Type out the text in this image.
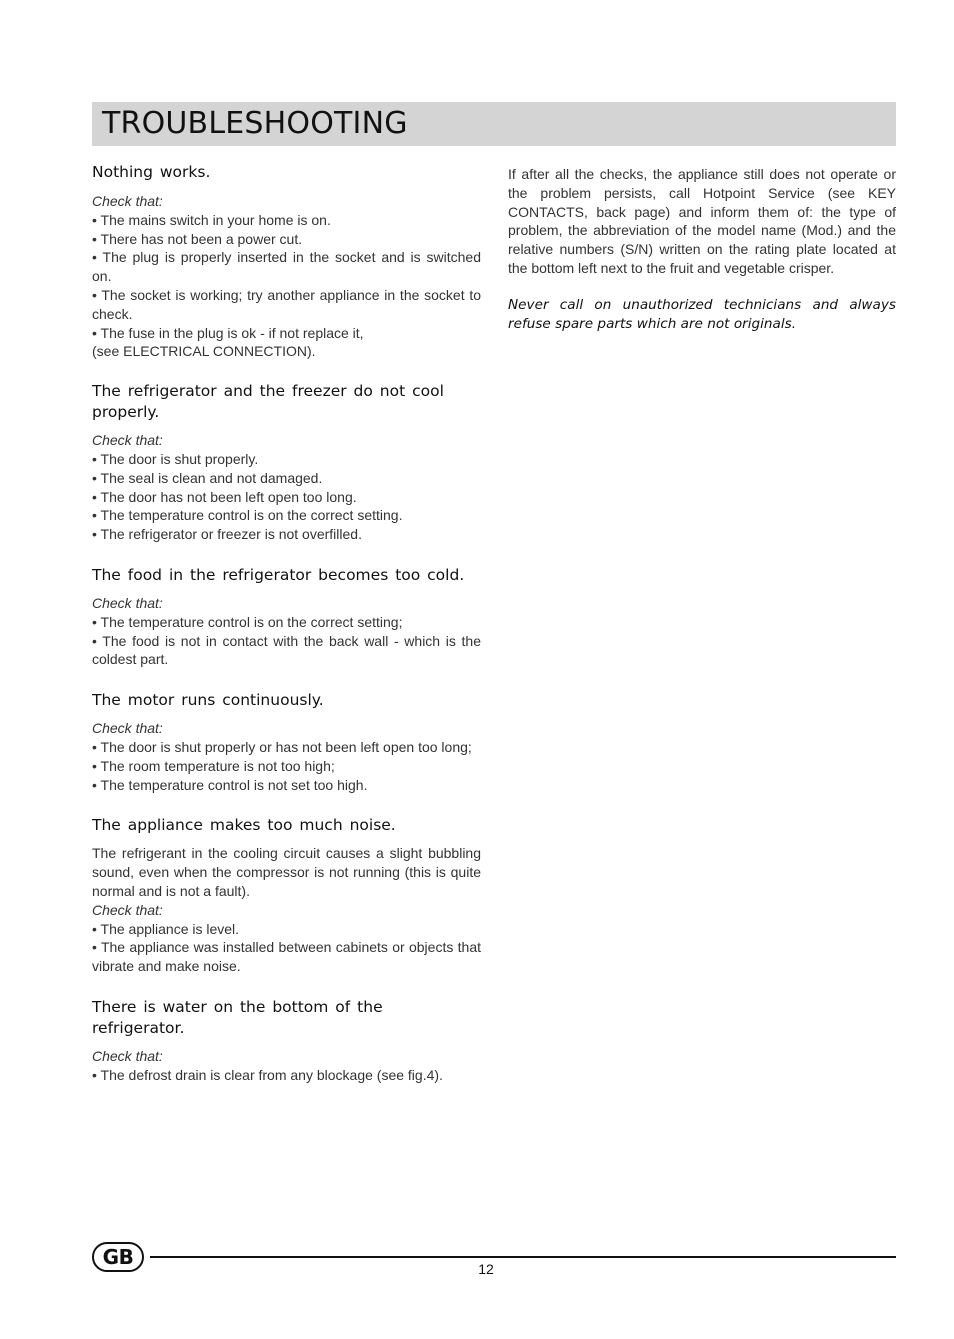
TROUBLESHOOTING
Nothing works.

Check that:

• The mains switch in your home is on.
• There has not been a power cut.
• The plug is properly inserted in the socket and is switched on.
• The socket is working; try another appliance in the socket to check.
• The fuse in the plug is ok - if not replace it,

(see ELECTRICAL CONNECTION).

The refrigerator and the freezer do not cool properly.

Check that:

• The door is shut properly.
• The seal is clean and not damaged.
• The door has not been left open too long.
• The temperature control is on the correct setting.
• The refrigerator or freezer is not overfilled.
The food in the refrigerator becomes too cold.

Check that:

• The temperature control is on the correct setting;
• The food is not in contact with the back wall - which is the coldest part.
The motor runs continuously.

Check that:

• The door is shut properly or has not been left open too long;
• The room temperature is not too high;
• The temperature control is not set too high.
The appliance makes too much noise.

The refrigerant in the cooling circuit causes a slight bubbling sound, even when the compressor is not running (this is quite normal and is not a fault).

Check that:

• The appliance is level.
• The appliance was installed between cabinets or objects that vibrate and make noise.
There is water on the bottom of the refrigerator.

Check that:

• The defrost drain is clear from any blockage (see fig.4).

If after all the checks, the appliance still does not operate or the problem persists, call Hotpoint Service (see KEY CONTACTS, back page) and inform them of: the type of problem, the abbreviation of the model name (Mod.) and the relative numbers (S/N) written on the rating plate located at the bottom left next to the fruit and vegetable crisper.

Never call on unauthorized technicians and always refuse spare parts which are not originals.

GB	12
